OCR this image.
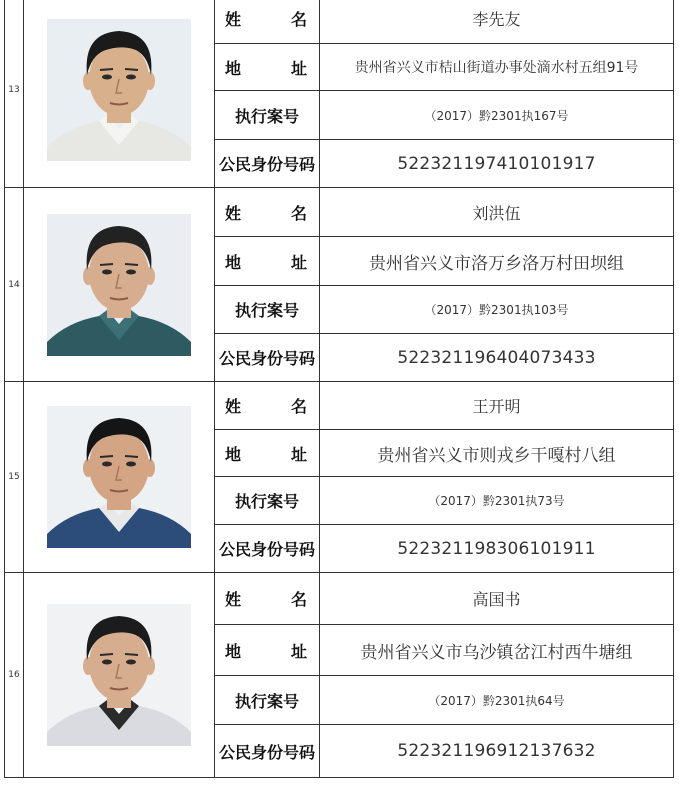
13		姓 名	李先友

		地 址	贵州省兴义市桔山街道办事处滴水村五组91号

		执行案号	（2017）黔2301执167号

		公民身份号码	522321197410101917
14		姓 名	刘洪伍

		地 址	贵州省兴义市洛万乡洛万村田坝组

		执行案号	（2017）黔2301执103号

		公民身份号码	522321196404073433
15		姓 名	王开明

		地 址	贵州省兴义市则戎乡干嘎村八组

		执行案号	（2017）黔2301执73号

		公民身份号码	522321198306101911
16		姓 名	高国书

		地 址	贵州省兴义市乌沙镇岔江村西牛塘组

		执行案号	（2017）黔2301执64号

		公民身份号码	522321196912137632
